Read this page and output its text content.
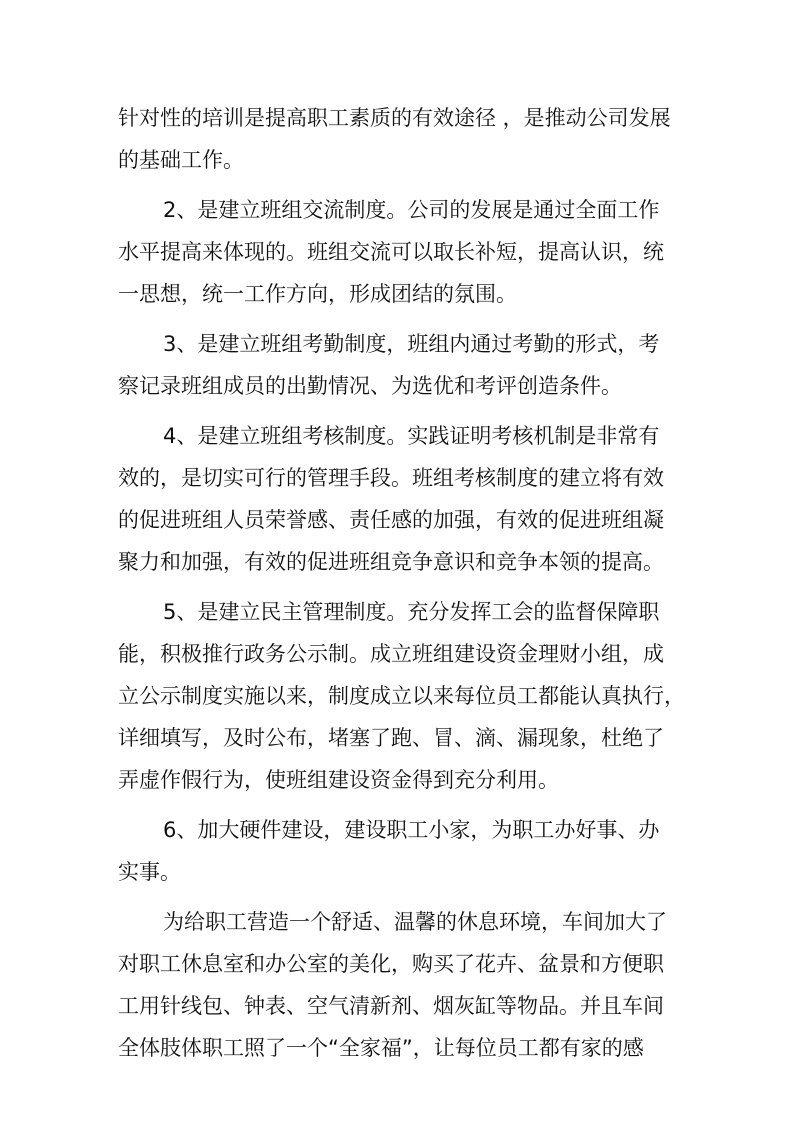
针对性的培训是提高职工素质的有效途径 ，是推动公司发展
的基础工作。
2、是建立班组交流制度。公司的发展是通过全面工作
水平提高来体现的。班组交流可以取长补短，提高认识，统
一思想，统一工作方向，形成团结的氛围。
3、是建立班组考勤制度，班组内通过考勤的形式，考
察记录班组成员的出勤情况、为选优和考评创造条件。
4、是建立班组考核制度。实践证明考核机制是非常有
效的，是切实可行的管理手段。班组考核制度的建立将有效
的促进班组人员荣誉感、责任感的加强，有效的促进班组凝
聚力和加强，有效的促进班组竞争意识和竞争本领的提高。
5、是建立民主管理制度。充分发挥工会的监督保障职
能，积极推行政务公示制。成立班组建设资金理财小组，成
立公示制度实施以来，制度成立以来每位员工都能认真执行，
详细填写，及时公布，堵塞了跑、冒、滴、漏现象，杜绝了
弄虚作假行为，使班组建设资金得到充分利用。
6、加大硬件建设，建设职工小家，为职工办好事、办
实事。
为给职工营造一个舒适、温馨的休息环境，车间加大了
对职工休息室和办公室的美化，购买了花卉、盆景和方便职
工用针线包、钟表、空气清新剂、烟灰缸等物品。并且车间
全体肢体职工照了一个“全家福”，让每位员工都有家的感
